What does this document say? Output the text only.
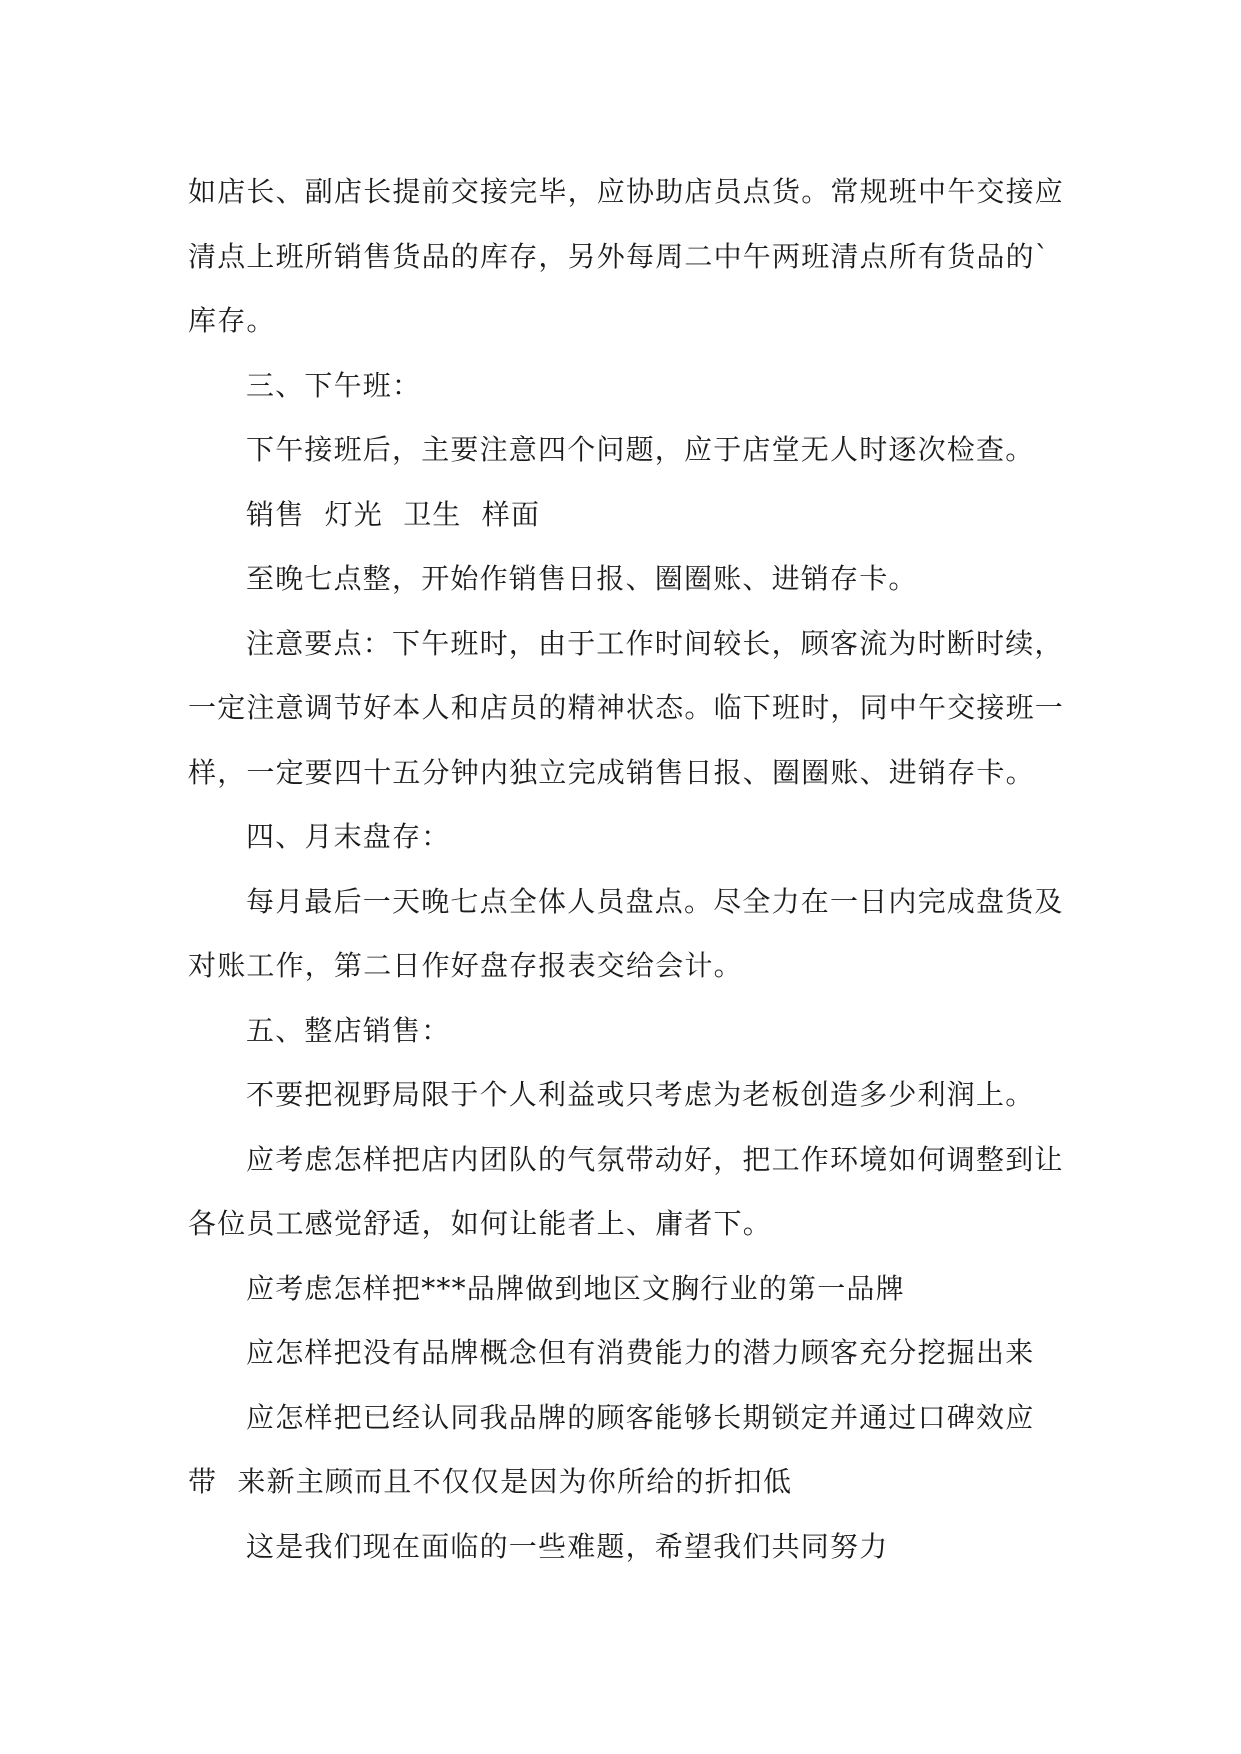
如店长、副店长提前交接完毕，应协助店员点货。常规班中午交接应
清点上班所销售货品的库存，另外每周二中午两班清点所有货品的`
库存。
三、下午班：
下午接班后，主要注意四个问题，应于店堂无人时逐次检查。
销售  灯光  卫生  样面
至晚七点整，开始作销售日报、圈圈账、进销存卡。
注意要点：下午班时，由于工作时间较长，顾客流为时断时续，
一定注意调节好本人和店员的精神状态。临下班时，同中午交接班一
样，一定要四十五分钟内独立完成销售日报、圈圈账、进销存卡。
四、月末盘存：
每月最后一天晚七点全体人员盘点。尽全力在一日内完成盘货及
对账工作，第二日作好盘存报表交给会计。
五、整店销售：
不要把视野局限于个人利益或只考虑为老板创造多少利润上。
应考虑怎样把店内团队的气氛带动好，把工作环境如何调整到让
各位员工感觉舒适，如何让能者上、庸者下。
应考虑怎样把***品牌做到地区文胸行业的第一品牌
应怎样把没有品牌概念但有消费能力的潜力顾客充分挖掘出来
应怎样把已经认同我品牌的顾客能够长期锁定并通过口碑效应
带  来新主顾而且不仅仅是因为你所给的折扣低
这是我们现在面临的一些难题，希望我们共同努力
